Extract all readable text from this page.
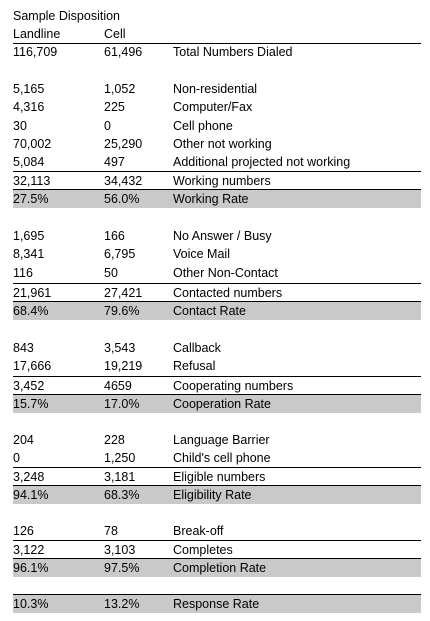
Sample Disposition
Landline	Cell
116,709	61,496 Total Numbers Dialed
5,165	1,052	Non-residential
4,316	225	Computer/Fax
30	0	Cell phone
70,002	25,290 Other not working
5,084	497	Additional projected not working
32,113	34,432 Working numbers
27.5%	56.0%	Working Rate
1,695	166	No Answer / Busy
8,341	6,795	Voice Mail
116	50	Other Non-Contact
21,961	27,421 Contacted numbers
68.4%	79.6%	Contact Rate
843	3,543	Callback
17,666	19,219 Refusal
3,452	4659	Cooperating numbers
15.7%	17.0%	Cooperation Rate
204	228	Language Barrier
0	1,250	Child's cell phone
3,248	3,181	Eligible numbers
94.1%	68.3%	Eligibility Rate
126	78	Break-off
3,122	3,103	Completes
96.1%	97.5%	Completion Rate
10.3%	13.2%	Response Rate
